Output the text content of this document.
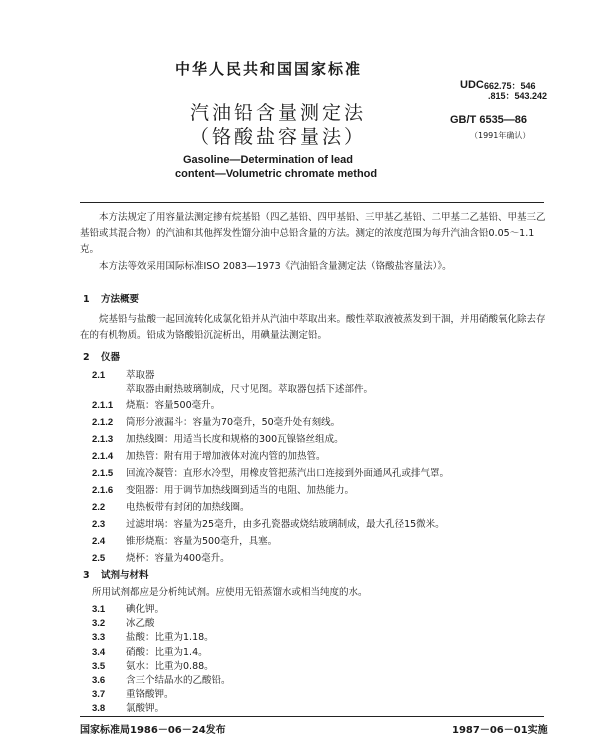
中华人民共和国国家标准
汽油铅含量测定法
（铬酸盐容量法）
Gasoline—Determination of lead
content—Volumetric chromate method
UDC 662.75：546
.815：543.242
GB/T 6535—86
（1991年确认）
本方法规定了用容量法测定掺有烷基铅（四乙基铅、四甲基铅、三甲基乙基铅、二甲基二乙基铅、甲基三乙基铅或其混合物）的汽油和其他挥发性馏分油中总铅含量的方法。测定的浓度范围为每升汽油含铅0.05～1.1克。
本方法等效采用国际标准ISO 2083—1973《汽油铅含量测定法（铬酸盐容量法）》。
1 方法概要
烷基铅与盐酸一起回流转化成氯化铅并从汽油中萃取出来。酸性萃取液被蒸发到干涸，并用硝酸氧化除去存在的有机物质。铅成为铬酸铅沉淀析出，用碘量法测定铅。
2 仪器
2.1 萃取器
萃取器由耐热玻璃制成，尺寸见图。萃取器包括下述部件。
2.1.1 烧瓶：容量500毫升。
2.1.2 筒形分液漏斗：容量为70毫升，50毫升处有刻线。
2.1.3 加热线圈：用适当长度和规格的300瓦镍铬丝组成。
2.1.4 加热管：附有用于增加液体对流内管的加热管。
2.1.5 回流冷凝管：直形水冷型，用橡皮管把蒸汽出口连接到外面通风孔或排气罩。
2.1.6 变阻器：用于调节加热线圈到适当的电阻、加热能力。
2.2 电热板带有封闭的加热线圈。
2.3 过滤坩埚：容量为25毫升，由多孔瓷器或烧结玻璃制成，最大孔径15微米。
2.4 锥形烧瓶：容量为500毫升，具塞。
2.5 烧杯：容量为400毫升。
3 试剂与材料
所用试剂都应是分析纯试剂。应使用无铅蒸馏水或相当纯度的水。
3.1 碘化钾。
3.2 冰乙酸
3.3 盐酸：比重为1.18。
3.4 硝酸：比重为1.4。
3.5 氨水：比重为0.88。
3.6 含三个结晶水的乙酸铅。
3.7 重铬酸钾。
3.8 氯酸钾。
国家标准局1986－06－24发布	1987－06－01实施
